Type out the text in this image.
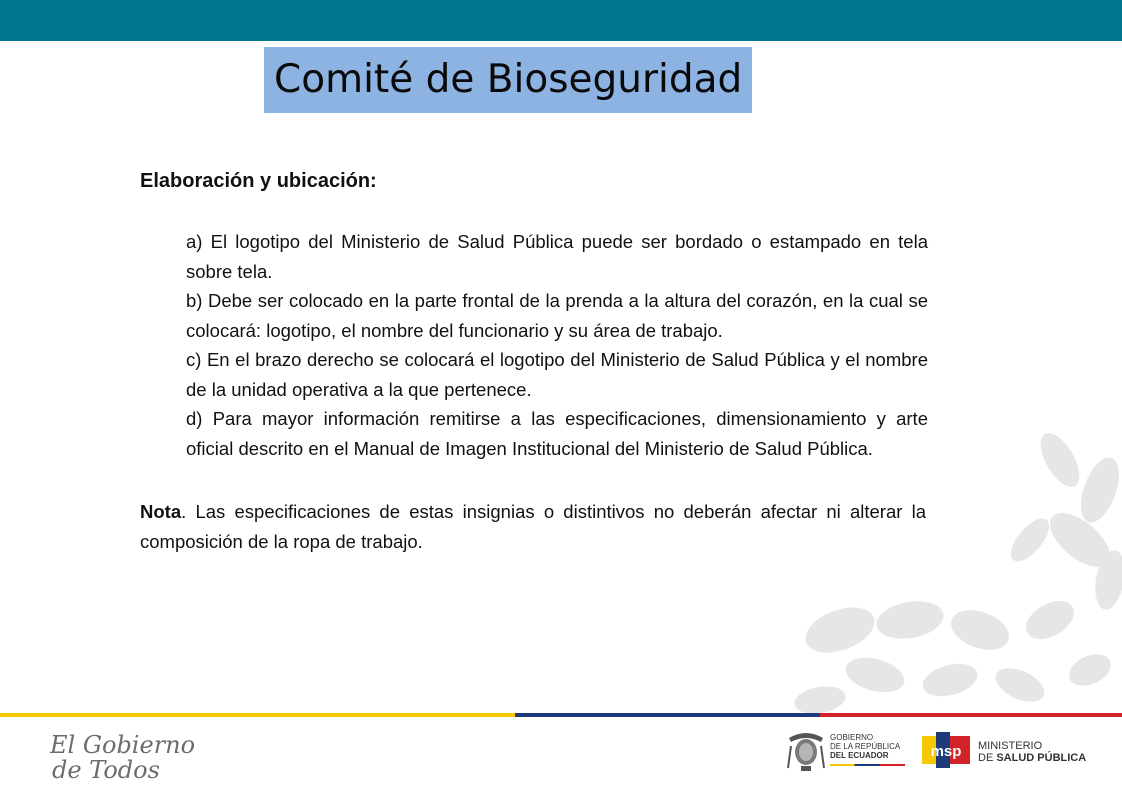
Comité de Bioseguridad

Elaboración y ubicación:

a) El logotipo del Ministerio de Salud Pública puede ser bordado o estampado en tela sobre tela.

b) Debe ser colocado en la parte frontal de la prenda a la altura del corazón, en la cual se colocará: logotipo, el nombre del funcionario y su área de trabajo.

c) En el brazo derecho se colocará el logotipo del Ministerio de Salud Pública y el nombre de la unidad operativa a la que pertenece.

d) Para mayor información remitirse a las especificaciones, dimensionamiento y arte oficial descrito en el Manual de Imagen Institucional del Ministerio de Salud Pública.

Nota. Las especificaciones de estas insignias o distintivos no deberán afectar ni alterar la composición de la ropa de trabajo.

El Gobierno
de Todos
GOBIERNO
DE LA REPÚBLICA
DEL ECUADOR	msp MINISTERIO
DE SALUD PÚBLICA
